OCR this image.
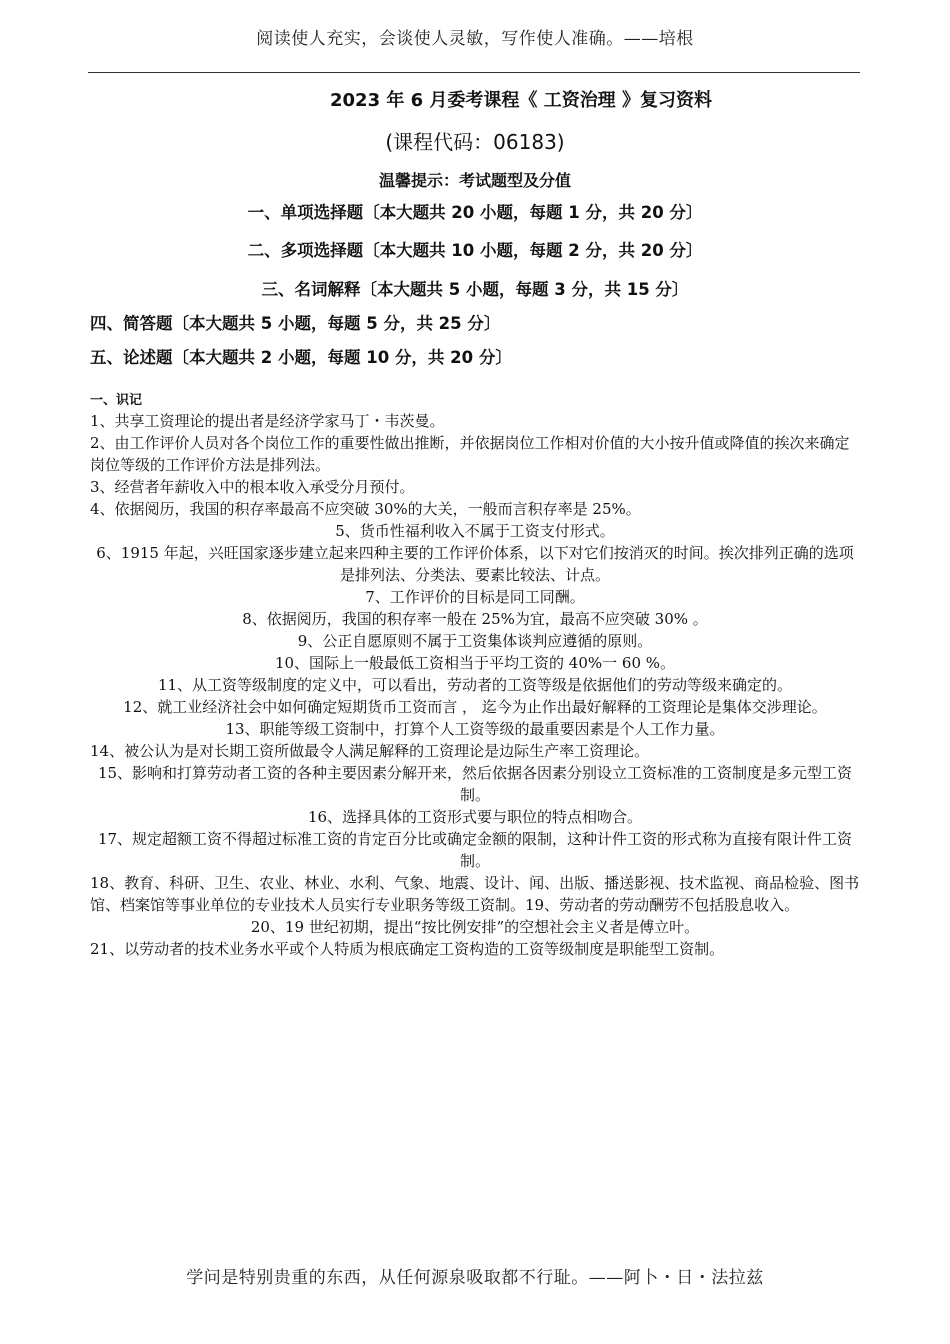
阅读使人充实，会谈使人灵敏，写作使人准确。——培根
2023 年 6 月委考课程《 工资治理 》复习资料
(课程代码：06183)
温馨提示：考试题型及分值
一、单项选择题〔本大题共 20 小题，每题 1 分，共 20 分〕
二、多项选择题〔本大题共 10 小题，每题 2 分，共 20 分〕
三、名词解释〔本大题共 5 小题，每题 3 分，共 15 分〕
四、简答题〔本大题共 5 小题，每题 5 分，共 25 分〕
五、论述题〔本大题共 2 小题，每题 10 分，共 20 分〕
一、识记

1、共享工资理论的提出者是经济学家马丁・韦茨曼。

2、由工作评价人员对各个岗位工作的重要性做出推断，并依据岗位工作相对价值的大小按升值或降值的挨次来确定岗位等级的工作评价方法是排列法。

3、经营者年薪收入中的根本收入承受分月预付。

4、依据阅历，我国的积存率最高不应突破 30%的大关，一般而言积存率是 25%。

5、货币性福利收入不属于工资支付形式。

6、1915 年起，兴旺国家逐步建立起来四种主要的工作评价体系，以下对它们按消灭的时间。挨次排列正确的选项是排列法、分类法、要素比较法、计点。

7、工作评价的目标是同工同酬。

8、依据阅历，我国的积存率一般在 25%为宜，最高不应突破 30% 。

9、公正自愿原则不属于工资集体谈判应遵循的原则。

10、国际上一般最低工资相当于平均工资的 40%一 60 %。

11、从工资等级制度的定义中，可以看出，劳动者的工资等级是依据他们的劳动等级来确定的。

12、就工业经济社会中如何确定短期货币工资而言 ， 迄今为止作出最好解释的工资理论是集体交涉理论。

13、职能等级工资制中，打算个人工资等级的最重要因素是个人工作力量。

14、被公认为是对长期工资所做最令人满足解释的工资理论是边际生产率工资理论。

15、影响和打算劳动者工资的各种主要因素分解开来，然后依据各因素分别设立工资标准的工资制度是多元型工资制。

16、选择具体的工资形式要与职位的特点相吻合。

17、规定超额工资不得超过标准工资的肯定百分比或确定金额的限制，这种计件工资的形式称为直接有限计件工资制。

18、教育、科研、卫生、农业、林业、水利、气象、地震、设计、闻、出版、播送影视、技术监视、商品检验、图书馆、档案馆等事业单位的专业技术人员实行专业职务等级工资制。19、劳动者的劳动酬劳不包括股息收入。

20、19 世纪初期，提出“按比例安排”的空想社会主义者是傅立叶。

21、以劳动者的技术业务水平或个人特质为根底确定工资构造的工资等级制度是职能型工资制。

学问是特别贵重的东西，从任何源泉吸取都不行耻。——阿卜・日・法拉兹
